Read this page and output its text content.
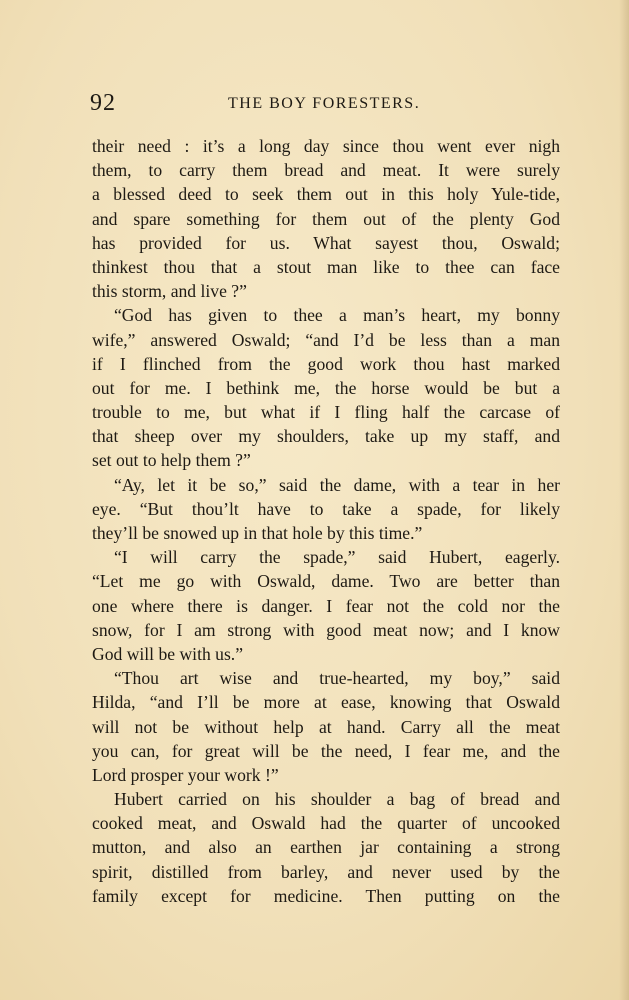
92	THE BOY FORESTERS.
their need : it’s a long day since thou went ever nigh
them, to carry them bread and meat. It were surely
a blessed deed to seek them out in this holy Yule-tide,
and spare something for them out of the plenty God
has provided for us. What sayest thou, Oswald;
thinkest thou that a stout man like to thee can face
this storm, and live ?”
“God has given to thee a man’s heart, my bonny
wife,” answered Oswald; “and I’d be less than a man
if I flinched from the good work thou hast marked
out for me. I bethink me, the horse would be but a
trouble to me, but what if I fling half the carcase of
that sheep over my shoulders, take up my staff, and
set out to help them ?”
“Ay, let it be so,” said the dame, with a tear in her
eye. “But thou’lt have to take a spade, for likely
they’ll be snowed up in that hole by this time.”
“I will carry the spade,” said Hubert, eagerly.
“Let me go with Oswald, dame. Two are better than
one where there is danger. I fear not the cold nor the
snow, for I am strong with good meat now; and I know
God will be with us.”
“Thou art wise and true-hearted, my boy,” said
Hilda, “and I’ll be more at ease, knowing that Oswald
will not be without help at hand. Carry all the meat
you can, for great will be the need, I fear me, and the
Lord prosper your work !”
Hubert carried on his shoulder a bag of bread and
cooked meat, and Oswald had the quarter of uncooked
mutton, and also an earthen jar containing a strong
spirit, distilled from barley, and never used by the
family except for medicine. Then putting on the
